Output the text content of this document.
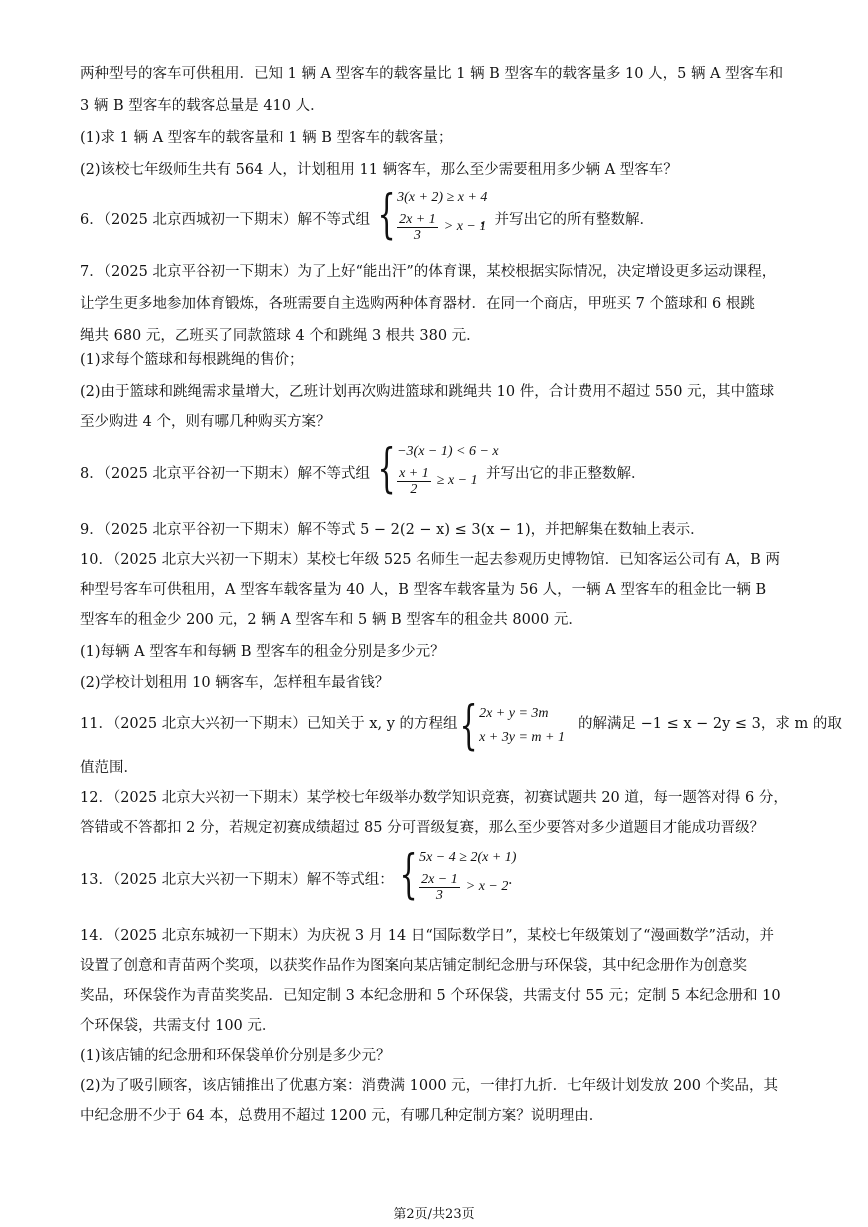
两种型号的客车可供租用．已知 1 辆 A 型客车的载客量比 1 辆 B 型客车的载客量多 10 人，5 辆 A 型客车和
3 辆 B 型客车的载客总量是 410 人．
(1)求 1 辆 A 型客车的载客量和 1 辆 B 型客车的载客量；
(2)该校七年级师生共有 564 人，计划租用 11 辆客车，那么至少需要租用多少辆 A 型客车？
6．（2025 北京西城初一下期末）解不等式组 { 3(x + 2) ≥ x + 4
$\frac{2x + 1}{3} > x - 1$
，并写出它的所有整数解．
7．（2025 北京平谷初一下期末）为了上好“能出汗”的体育课，某校根据实际情况，决定增设更多运动课程，
让学生更多地参加体育锻炼，各班需要自主选购两种体育器材．在同一个商店，甲班买 7 个篮球和 6 根跳
绳共 680 元，乙班买了同款篮球 4 个和跳绳 3 根共 380 元．
(1)求每个篮球和每根跳绳的售价；
(2)由于篮球和跳绳需求量增大，乙班计划再次购进篮球和跳绳共 10 件，合计费用不超过 550 元，其中篮球
至少购进 4 个，则有哪几种购买方案？
8．（2025 北京平谷初一下期末）解不等式组 { −3(x − 1) < 6 − x
$\frac{x + 1}{2} \ge x - 1$ 并写出它的非正整数解．
9．（2025 北京平谷初一下期末）解不等式 5 − 2(2 − x) ≤ 3(x − 1)，并把解集在数轴上表示．
10．（2025 北京大兴初一下期末）某校七年级 525 名师生一起去参观历史博物馆．已知客运公司有 A，B 两
种型号客车可供租用，A 型客车载客量为 40 人，B 型客车载客量为 56 人，一辆 A 型客车的租金比一辆 B
型客车的租金少 200 元，2 辆 A 型客车和 5 辆 B 型客车的租金共 8000 元．
(1)每辆 A 型客车和每辆 B 型客车的租金分别是多少元？
(2)学校计划租用 10 辆客车，怎样租车最省钱？
11．（2025 北京大兴初一下期末）已知关于 x, y 的方程组 { 2x + y = 3m
x + 3y = m + 1
的解满足 −1 ≤ x − 2y ≤ 3，求 m 的取
值范围．
12．（2025 北京大兴初一下期末）某学校七年级举办数学知识竞赛，初赛试题共 20 道，每一题答对得 6 分，
答错或不答都扣 2 分，若规定初赛成绩超过 85 分可晋级复赛，那么至少要答对多少道题目才能成功晋级？
13．（2025 北京大兴初一下期末）解不等式组： { 5x − 4 ≥ 2(x + 1)
$\frac{2x - 1}{3} > x - 2$ ．
14．（2025 北京东城初一下期末）为庆祝 3 月 14 日“国际数学日”，某校七年级策划了“漫画数学”活动，并
设置了创意和青苗两个奖项，以获奖作品作为图案向某店铺定制纪念册与环保袋，其中纪念册作为创意奖
奖品，环保袋作为青苗奖奖品．已知定制 3 本纪念册和 5 个环保袋，共需支付 55 元；定制 5 本纪念册和 10
个环保袋，共需支付 100 元．
(1)该店铺的纪念册和环保袋单价分别是多少元？
(2)为了吸引顾客，该店铺推出了优惠方案：消费满 1000 元，一律打九折．七年级计划发放 200 个奖品，其
中纪念册不少于 64 本，总费用不超过 1200 元，有哪几种定制方案？说明理由．
第2页/共23页
